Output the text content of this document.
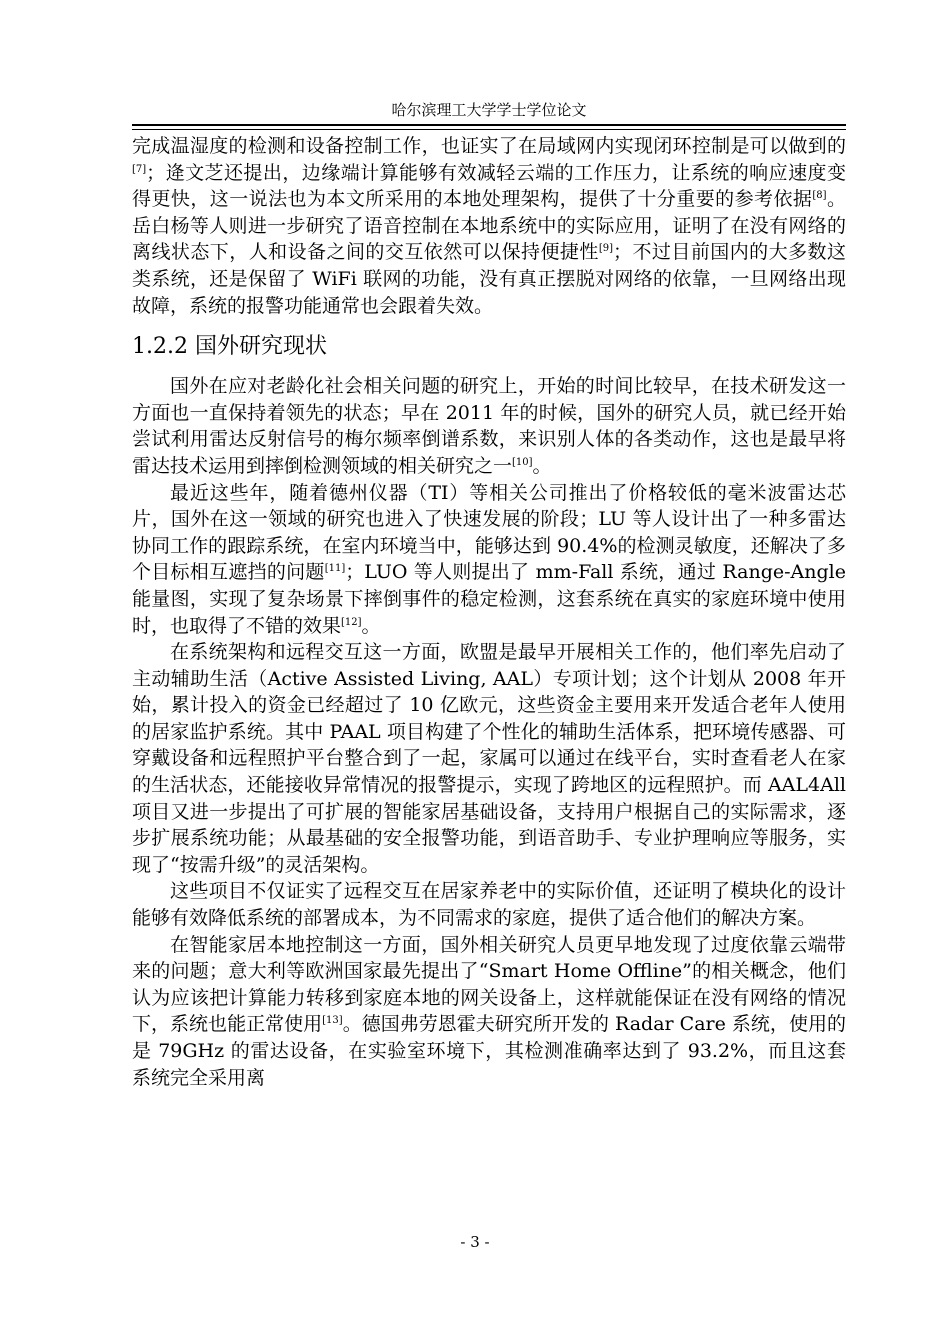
哈尔滨理工大学学士学位论文

完成温湿度的检测和设备控制工作，也证实了在局域网内实现闭环控制是可以做到的[7]；逄文芝还提出，边缘端计算能够有效减轻云端的工作压力，让系统的响应速度变得更快，这一说法也为本文所采用的本地处理架构，提供了十分重要的参考依据[8]。岳白杨等人则进一步研究了语音控制在本地系统中的实际应用，证明了在没有网络的离线状态下，人和设备之间的交互依然可以保持便捷性[9]；不过目前国内的大多数这类系统，还是保留了 WiFi 联网的功能，没有真正摆脱对网络的依靠，一旦网络出现故障，系统的报警功能通常也会跟着失效。

1.2.2 国外研究现状

国外在应对老龄化社会相关问题的研究上，开始的时间比较早，在技术研发这一方面也一直保持着领先的状态；早在 2011 年的时候，国外的研究人员，就已经开始尝试利用雷达反射信号的梅尔频率倒谱系数，来识别人体的各类动作，这也是最早将雷达技术运用到摔倒检测领域的相关研究之一[10]。

最近这些年，随着德州仪器（TI）等相关公司推出了价格较低的毫米波雷达芯片，国外在这一领域的研究也进入了快速发展的阶段；LU 等人设计出了一种多雷达协同工作的跟踪系统，在室内环境当中，能够达到 90.4%的检测灵敏度，还解决了多个目标相互遮挡的问题[11]；LUO 等人则提出了 mm-Fall 系统，通过 Range-Angle 能量图，实现了复杂场景下摔倒事件的稳定检测，这套系统在真实的家庭环境中使用时，也取得了不错的效果[12]。

在系统架构和远程交互这一方面，欧盟是最早开展相关工作的，他们率先启动了主动辅助生活（Active Assisted Living, AAL）专项计划；这个计划从 2008 年开始，累计投入的资金已经超过了 10 亿欧元，这些资金主要用来开发适合老年人使用的居家监护系统。其中 PAAL 项目构建了个性化的辅助生活体系，把环境传感器、可穿戴设备和远程照护平台整合到了一起，家属可以通过在线平台，实时查看老人在家的生活状态，还能接收异常情况的报警提示，实现了跨地区的远程照护。而 AAL4All 项目又进一步提出了可扩展的智能家居基础设备，支持用户根据自己的实际需求，逐步扩展系统功能；从最基础的安全报警功能，到语音助手、专业护理响应等服务，实现了“按需升级”的灵活架构。

这些项目不仅证实了远程交互在居家养老中的实际价值，还证明了模块化的设计能够有效降低系统的部署成本，为不同需求的家庭，提供了适合他们的解决方案。

在智能家居本地控制这一方面，国外相关研究人员更早地发现了过度依靠云端带来的问题；意大利等欧洲国家最先提出了“Smart Home Offline”的相关概念，他们认为应该把计算能力转移到家庭本地的网关设备上，这样就能保证在没有网络的情况下，系统也能正常使用[13]。德国弗劳恩霍夫研究所开发的 Radar Care 系统，使用的是 79GHz 的雷达设备，在实验室环境下，其检测准确率达到了 93.2%，而且这套系统完全采用离

- 3 -
